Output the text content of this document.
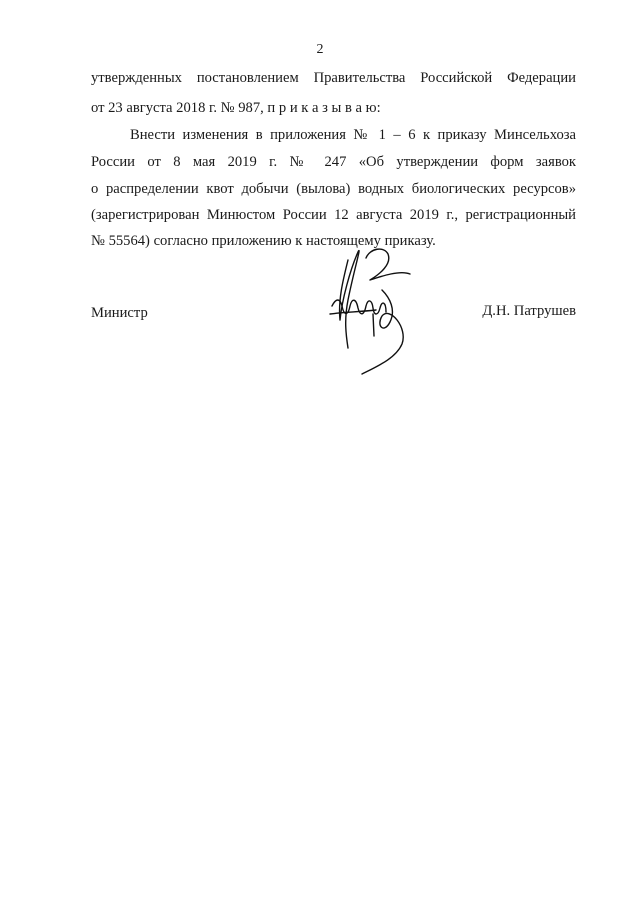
2
утвержденных постановлением Правительства Российской Федерации
от 23 августа 2018 г. № 987, п р и к а з ы в а ю:
Внести изменения в приложения № 1 – 6 к приказу Минсельхоза
России от 8 мая 2019 г. № 247 «Об утверждении форм заявок
о распределении квот добычи (вылова) водных биологических ресурсов»
(зарегистрирован Минюстом России 12 августа 2019 г., регистрационный
№ 55564) согласно приложению к настоящему приказу.
Министр	Д.Н. Патрушев
